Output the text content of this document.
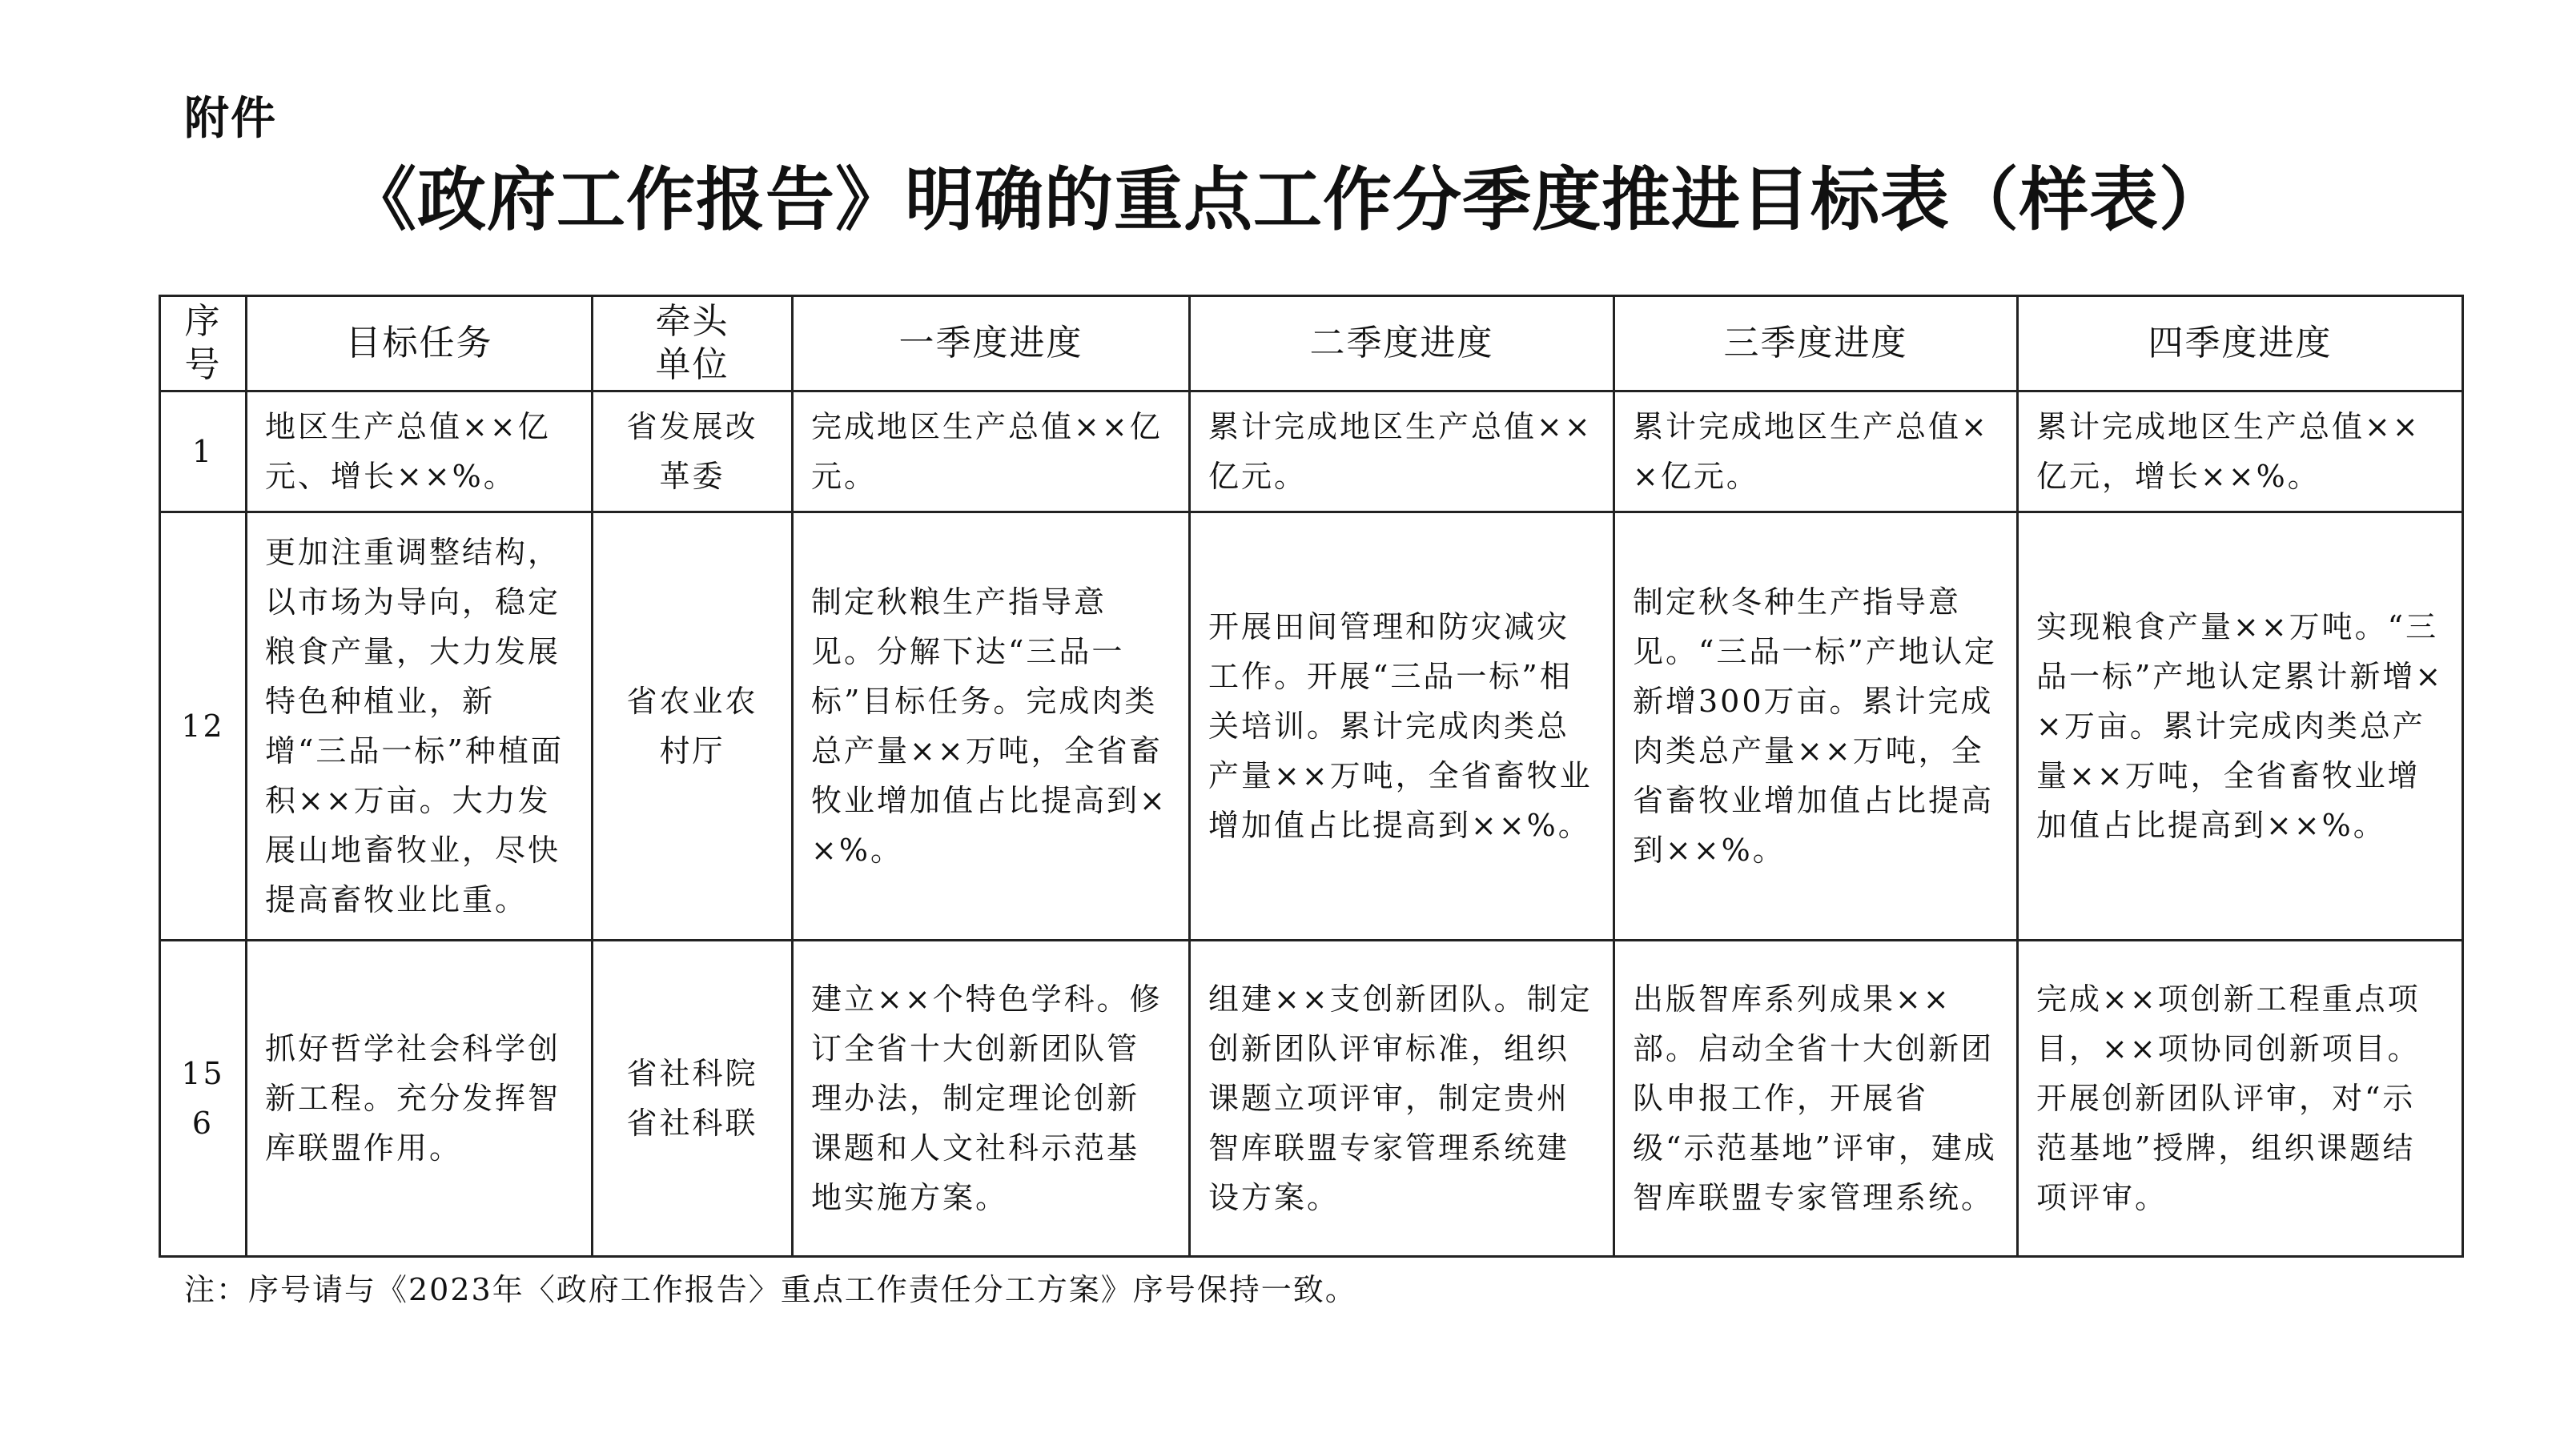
附件
《政府工作报告》明确的重点工作分季度推进目标表（样表）
序号	目标任务	牵头单位	一季度进度	二季度进度	三季度进度	四季度进度
1	地区生产总值××亿元、增长××%。	省发展改革委	完成地区生产总值××亿元。	累计完成地区生产总值××亿元。	累计完成地区生产总值××亿元。	累计完成地区生产总值××亿元，增长××%。
12	更加注重调整结构，以市场为导向，稳定粮食产量，大力发展特色种植业，新增“三品一标”种植面积××万亩。大力发展山地畜牧业，尽快提高畜牧业比重。	省农业农村厅	制定秋粮生产指导意见。分解下达“三品一标”目标任务。完成肉类总产量××万吨，全省畜牧业增加值占比提高到××%。	开展田间管理和防灾减灾工作。开展“三品一标”相关培训。累计完成肉类总产量××万吨，全省畜牧业增加值占比提高到××%。	制定秋冬种生产指导意见。“三品一标”产地认定新增300万亩。累计完成肉类总产量××万吨，全省畜牧业增加值占比提高到××%。	实现粮食产量××万吨。“三品一标”产地认定累计新增××万亩。累计完成肉类总产量××万吨，全省畜牧业增加值占比提高到××%。
156	抓好哲学社会科学创新工程。充分发挥智库联盟作用。	省社科院 省社科联	建立××个特色学科。修订全省十大创新团队管理办法，制定理论创新课题和人文社科示范基地实施方案。	组建××支创新团队。制定创新团队评审标准，组织课题立项评审，制定贵州智库联盟专家管理系统建设方案。	出版智库系列成果××部。启动全省十大创新团队申报工作，开展省级“示范基地”评审，建成智库联盟专家管理系统。	完成××项创新工程重点项目，××项协同创新项目。开展创新团队评审，对“示范基地”授牌，组织课题结项评审。
注：序号请与《2023年〈政府工作报告〉重点工作责任分工方案》序号保持一致。
